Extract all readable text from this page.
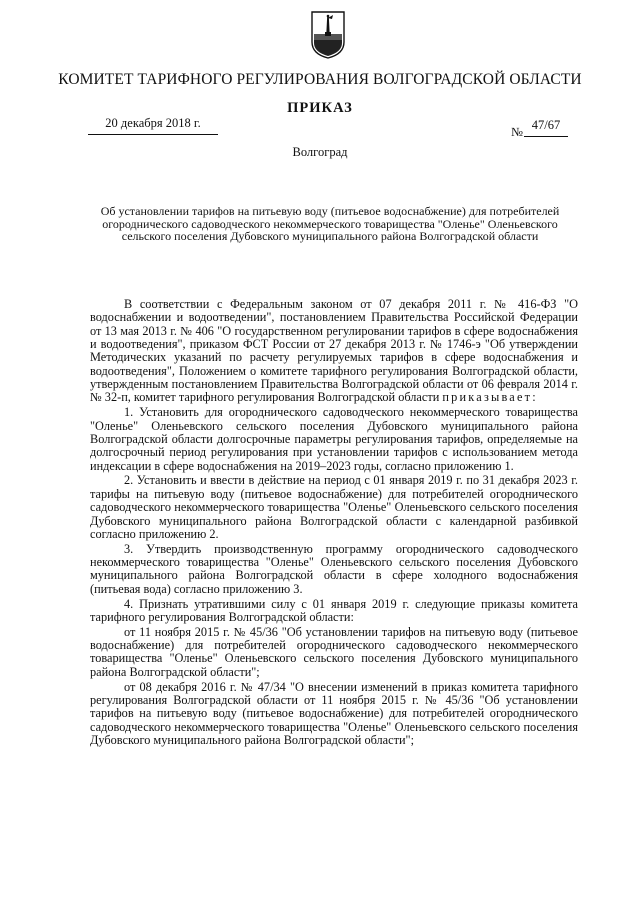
КОМИТЕТ ТАРИФНОГО РЕГУЛИРОВАНИЯ ВОЛГОГРАДСКОЙ ОБЛАСТИ
ПРИКАЗ
20 декабря 2018 г.
№ 47/67
Волгоград
Об установлении тарифов на питьевую воду (питьевое водоснабжение) для потребителей огороднического садоводческого некоммерческого товарищества "Оленье" Оленьевского сельского поселения Дубовского муниципального района Волгоградской области

В соответствии с Федеральным законом от 07 декабря 2011 г. № 416-ФЗ "О водоснабжении и водоотведении", постановлением Правительства Российской Федерации от 13 мая 2013 г. № 406 "О государственном регулировании тарифов в сфере водоснабжения и водоотведения", приказом ФСТ России от 27 декабря 2013 г. № 1746-э "Об утверждении Методических указаний по расчету регулируемых тарифов в сфере водоснабжения и водоотведения", Положением о комитете тарифного регулирования Волгоградской области, утвержденным постановлением Правительства Волгоградской области от 06 февраля 2014 г. № 32-п, комитет тарифного регулирования Волгоградской области приказывает:

1. Установить для огороднического садоводческого некоммерческого товарищества "Оленье" Оленьевского сельского поселения Дубовского муниципального района Волгоградской области долгосрочные параметры регулирования тарифов, определяемые на долгосрочный период регулирования при установлении тарифов с использованием метода индексации в сфере водоснабжения на 2019–2023 годы, согласно приложению 1.

2. Установить и ввести в действие на период с 01 января 2019 г. по 31 декабря 2023 г. тарифы на питьевую воду (питьевое водоснабжение) для потребителей огороднического садоводческого некоммерческого товарищества "Оленье" Оленьевского сельского поселения Дубовского муниципального района Волгоградской области с календарной разбивкой согласно приложению 2.

3. Утвердить производственную программу огороднического садоводческого некоммерческого товарищества "Оленье" Оленьевского сельского поселения Дубовского муниципального района Волгоградской области в сфере холодного водоснабжения (питьевая вода) согласно приложению 3.

4. Признать утратившими силу с 01 января 2019 г. следующие приказы комитета тарифного регулирования Волгоградской области:

от 11 ноября 2015 г. № 45/36 "Об установлении тарифов на питьевую воду (питьевое водоснабжение) для потребителей огороднического садоводческого некоммерческого товарищества "Оленье" Оленьевского сельского поселения Дубовского муниципального района Волгоградской области";

от 08 декабря 2016 г. № 47/34 "О внесении изменений в приказ комитета тарифного регулирования Волгоградской области от 11 ноября 2015 г. № 45/36 "Об установлении тарифов на питьевую воду (питьевое водоснабжение) для потребителей огороднического садоводческого некоммерческого товарищества "Оленье" Оленьевского сельского поселения Дубовского муниципального района Волгоградской области";
